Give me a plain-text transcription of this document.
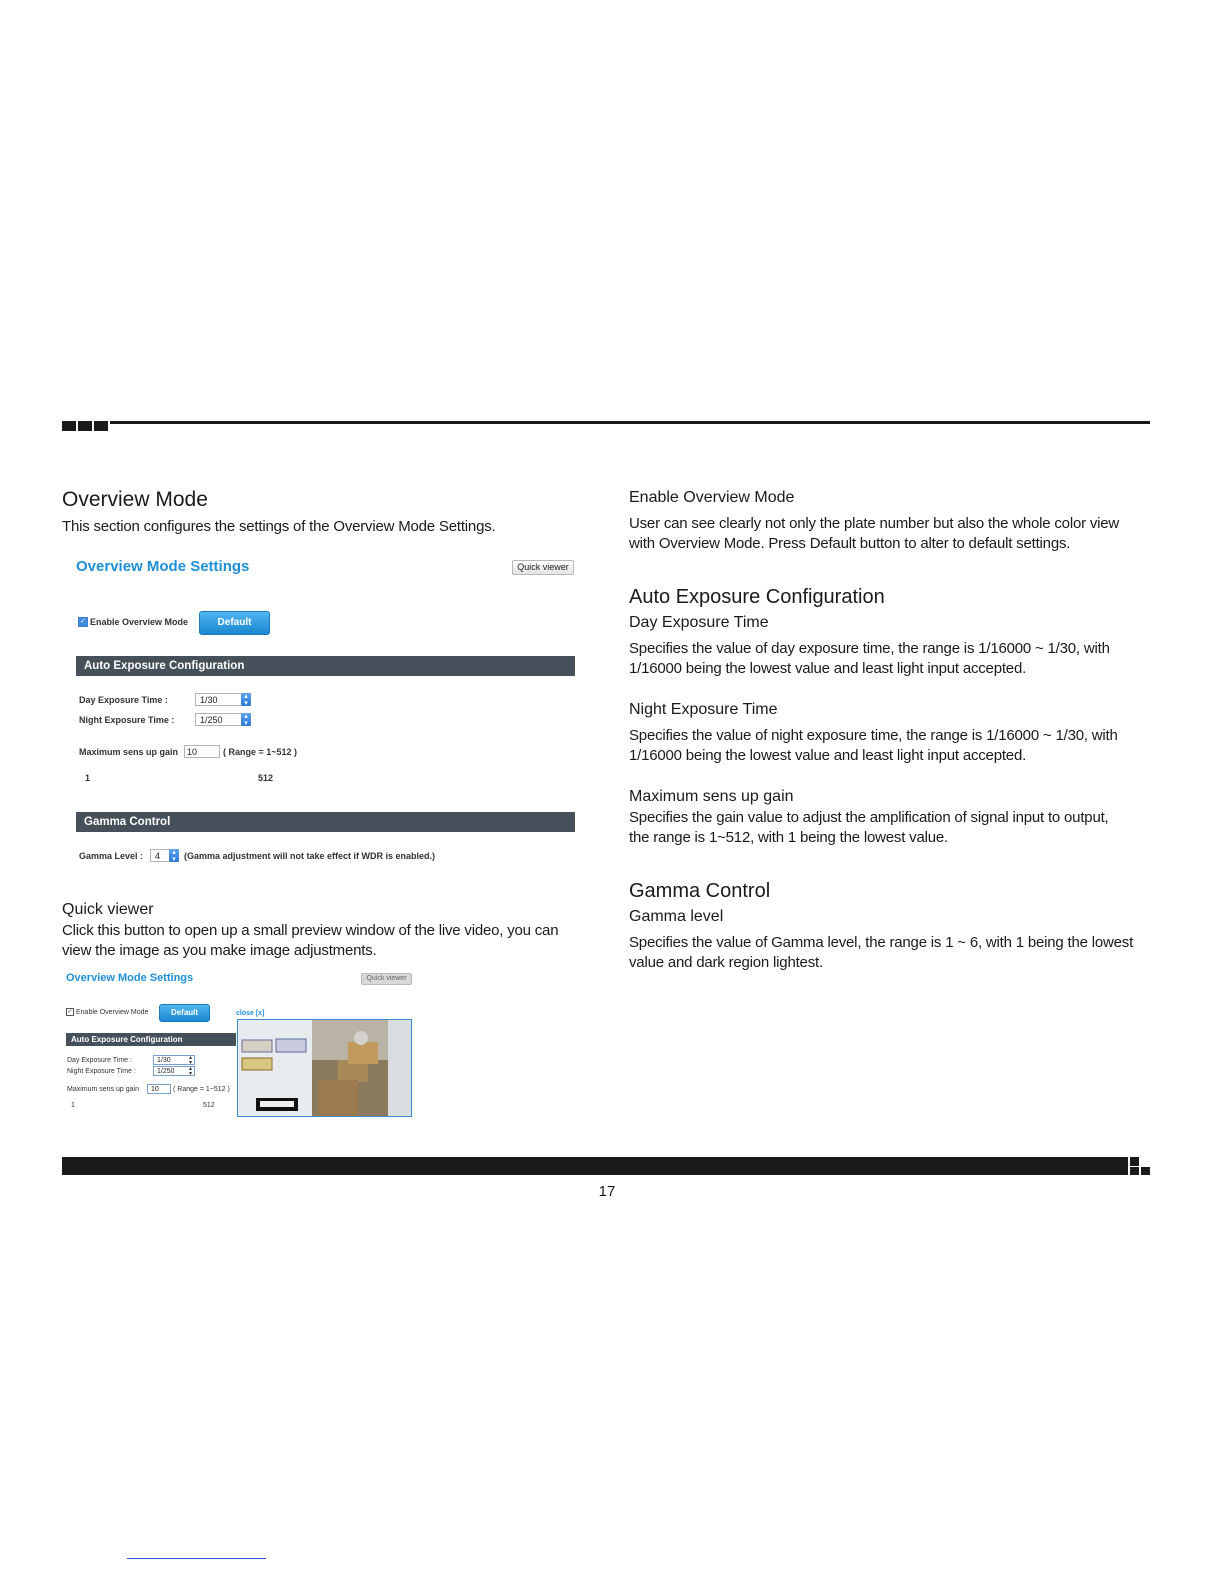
Overview Mode
This section configures the settings of the Overview Mode Settings.
Overview Mode Settings	Quick viewer
✓ Enable Overview Mode	Default
Auto Exposure Configuration
Day Exposure Time :	1/30	▴
▾
Night Exposure Time :	1/250	▴
▾
Maximum sens up gain 10	( Range = 1~512 )
1	512
Gamma Control
Gamma Level : 4	▴
▾ (Gamma adjustment will not take effect if WDR is enabled.)
Quick viewer
Click this button to open up a small preview window of the live video, you can
view the image as you make image adjustments.
Overview Mode Settings	Quick viewer
✓ Enable Overview Mode	Default	close [x]
Auto Exposure Configuration
Day Exposure Time :	1/30	▴
▾
Night Exposure Time :	1/250 ▴
▾
Maximum sens up gain	10	( Range = 1~512 )
1	512
Enable Overview Mode
User can see clearly not only the plate number but also the whole color view
with Overview Mode. Press Default button to alter to default settings.
Auto Exposure Configuration
Day Exposure Time
Specifies the value of day exposure time, the range is 1/16000 ~ 1/30, with
1/16000 being the lowest value and least light input accepted.
Night Exposure Time
Specifies the value of night exposure time, the range is 1/16000 ~ 1/30, with
1/16000 being the lowest value and least light input accepted.
Maximum sens up gain
Specifies the gain value to adjust the amplification of signal input to output,
the range is 1~512, with 1 being the lowest value.
Gamma Control
Gamma level
Specifies the value of Gamma level, the range is 1 ~ 6, with 1 being the lowest
value and dark region lightest.
17
